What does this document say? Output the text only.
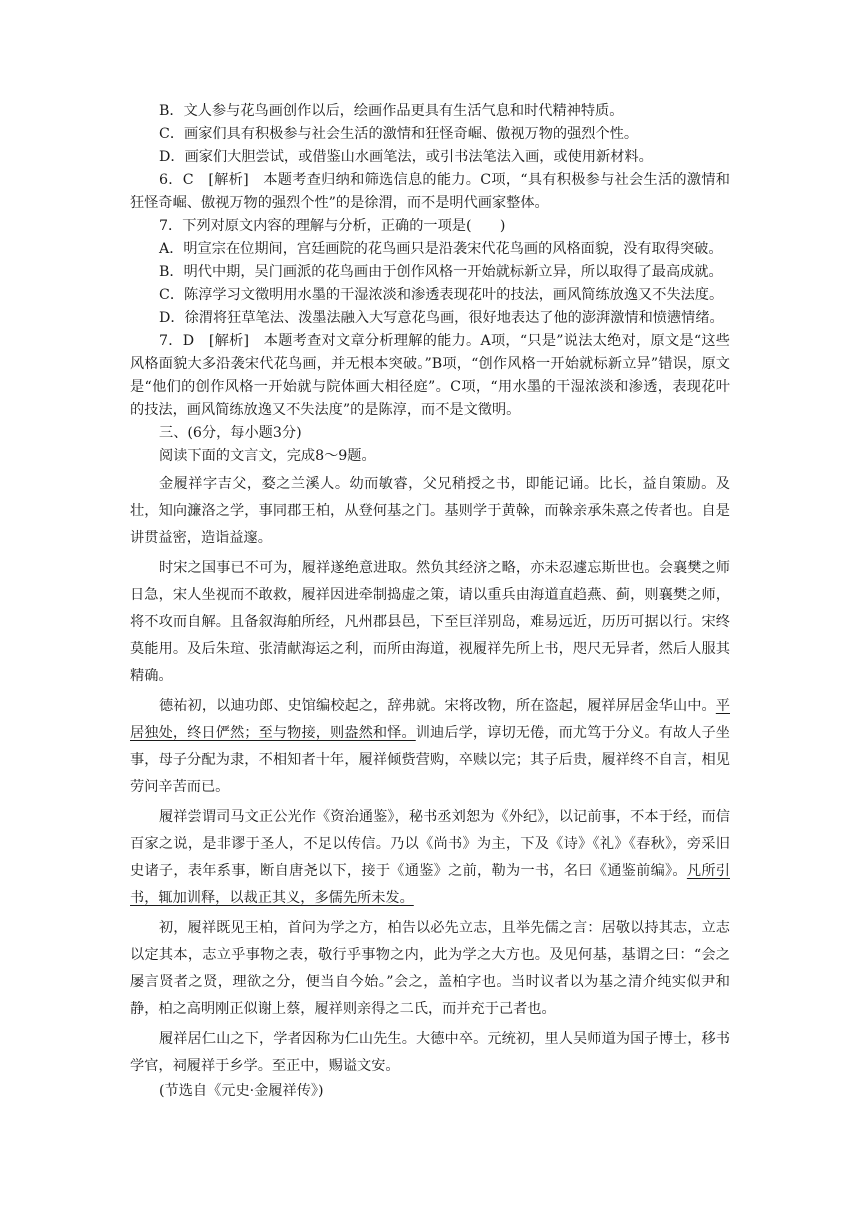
B．文人参与花鸟画创作以后，绘画作品更具有生活气息和时代精神特质。

C．画家们具有积极参与社会生活的激情和狂怪奇崛、傲视万物的强烈个性。

D．画家们大胆尝试，或借鉴山水画笔法，或引书法笔法入画，或使用新材料。

6．C　[解析]　本题考查归纳和筛选信息的能力。C项，“具有积极参与社会生活的激情和狂怪奇崛、傲视万物的强烈个性”的是徐渭，而不是明代画家整体。

7．下列对原文内容的理解与分析，正确的一项是(　　)

A．明宣宗在位期间，宫廷画院的花鸟画只是沿袭宋代花鸟画的风格面貌，没有取得突破。

B．明代中期，吴门画派的花鸟画由于创作风格一开始就标新立异，所以取得了最高成就。

C．陈淳学习文徵明用水墨的干湿浓淡和渗透表现花叶的技法，画风简练放逸又不失法度。

D．徐渭将狂草笔法、泼墨法融入大写意花鸟画，很好地表达了他的澎湃激情和愤懑情绪。

7．D　[解析]　本题考查对文章分析理解的能力。A项，“只是”说法太绝对，原文是“这些风格面貌大多沿袭宋代花鸟画，并无根本突破。”B项，“创作风格一开始就标新立异”错误，原文是“他们的创作风格一开始就与院体画大相径庭”。C项，“用水墨的干湿浓淡和渗透，表现花叶的技法，画风简练放逸又不失法度”的是陈淳，而不是文徵明。

三、(6分，每小题3分)

阅读下面的文言文，完成8～9题。

金履祥字吉父，婺之兰溪人。幼而敏睿，父兄稍授之书，即能记诵。比长，益自策励。及壮，知向濂洛之学，事同郡王柏，从登何基之门。基则学于黄榦，而榦亲承朱熹之传者也。自是讲贯益密，造诣益邃。

时宋之国事已不可为，履祥遂绝意进取。然负其经济之略，亦未忍遽忘斯世也。会襄樊之师日急，宋人坐视而不敢救，履祥因进牵制捣虚之策，请以重兵由海道直趋燕、蓟，则襄樊之师，将不攻而自解。且备叙海舶所经，凡州郡县邑，下至巨洋别岛，难易远近，历历可据以行。宋终莫能用。及后朱瑄、张清献海运之利，而所由海道，视履祥先所上书，咫尺无异者，然后人服其精确。

德祐初，以迪功郎、史馆编校起之，辞弗就。宋将改物，所在盗起，履祥屏居金华山中。平居独处，终日俨然；至与物接，则盎然和怿。训迪后学，谆切无倦，而尤笃于分义。有故人子坐事，母子分配为隶，不相知者十年，履祥倾赀营购，卒赎以完；其子后贵，履祥终不自言，相见劳问辛苦而已。

履祥尝谓司马文正公光作《资治通鉴》，秘书丞刘恕为《外纪》，以记前事，不本于经，而信百家之说，是非谬于圣人，不足以传信。乃以《尚书》为主，下及《诗》《礼》《春秋》，旁采旧史诸子，表年系事，断自唐尧以下，接于《通鉴》之前，勒为一书，名曰《通鉴前编》。凡所引书，辄加训释，以裁正其义，多儒先所未发。

初，履祥既见王柏，首问为学之方，柏告以必先立志，且举先儒之言：居敬以持其志，立志以定其本，志立乎事物之表，敬行乎事物之内，此为学之大方也。及见何基，基谓之曰：“会之屡言贤者之贤，理欲之分，便当自今始。”会之，盖柏字也。当时议者以为基之清介纯实似尹和静，柏之高明刚正似谢上蔡，履祥则亲得之二氏，而并充于己者也。

履祥居仁山之下，学者因称为仁山先生。大德中卒。元统初，里人吴师道为国子博士，移书学官，祠履祥于乡学。至正中，赐谥文安。

(节选自《元史·金履祥传》)
